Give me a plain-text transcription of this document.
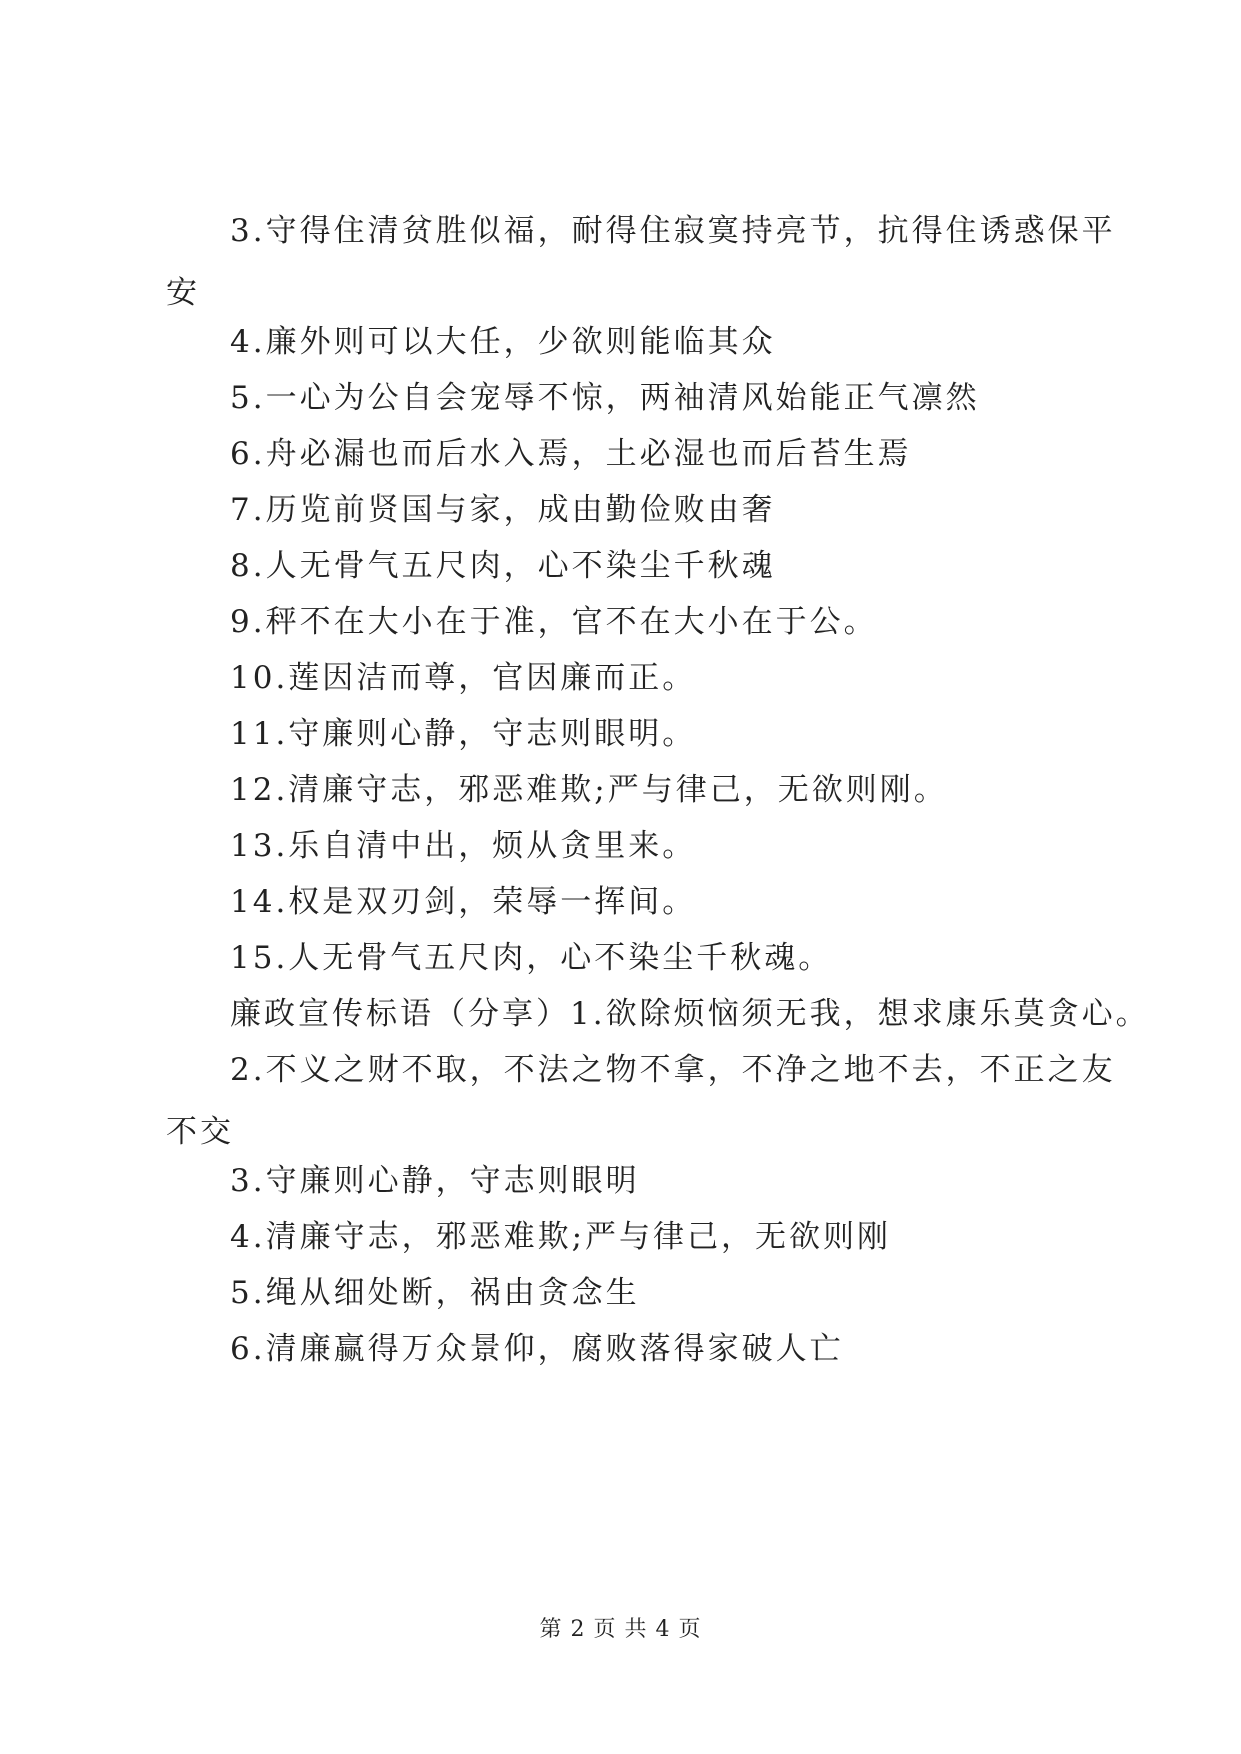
3.守得住清贫胜似福，耐得住寂寞持亮节，抗得住诱惑保平
安
4.廉外则可以大任，少欲则能临其众
5.一心为公自会宠辱不惊，两袖清风始能正气凛然
6.舟必漏也而后水入焉，土必湿也而后苔生焉
7.历览前贤国与家，成由勤俭败由奢
8.人无骨气五尺肉，心不染尘千秋魂
9.秤不在大小在于准，官不在大小在于公。
10.莲因洁而尊，官因廉而正。
11.守廉则心静，守志则眼明。
12.清廉守志，邪恶难欺;严与律己，无欲则刚。
13.乐自清中出，烦从贪里来。
14.权是双刃剑，荣辱一挥间。
15.人无骨气五尺肉，心不染尘千秋魂。
廉政宣传标语（分享）1.欲除烦恼须无我，想求康乐莫贪心。
2.不义之财不取，不法之物不拿，不净之地不去，不正之友
不交
3.守廉则心静，守志则眼明
4.清廉守志，邪恶难欺;严与律己，无欲则刚
5.绳从细处断，祸由贪念生
6.清廉赢得万众景仰，腐败落得家破人亡
第 2 页 共 4 页
